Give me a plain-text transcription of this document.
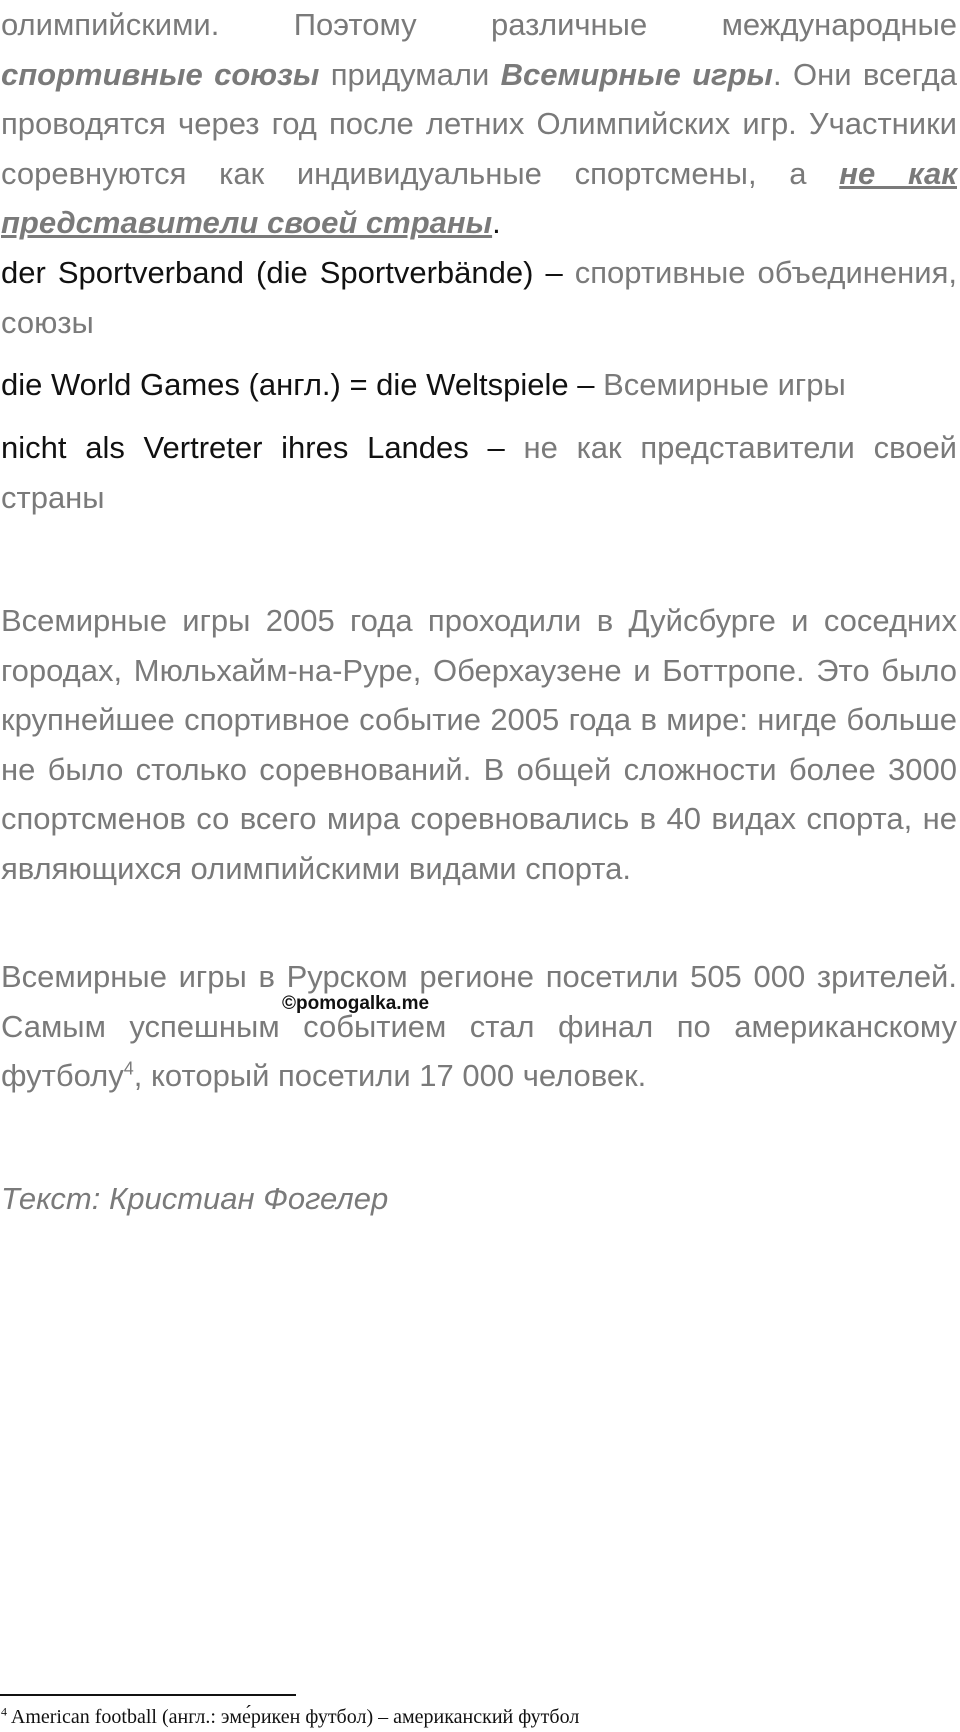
олимпийскими. Поэтому различные международные спортивные союзы придумали Всемирные игры. Они всегда проводятся через год после летних Олимпийских игр. Участники соревнуются как индивидуальные спортсмены, а не как представители своей страны.

der Sportverband (die Sportverbände) – спортивные объединения, союзы

die World Games (англ.) = die Weltspiele – Всемирные игры

nicht als Vertreter ihres Landes – не как представители своей страны

Всемирные игры 2005 года проходили в Дуйсбурге и соседних городах, Мюльхайм-на-Руре, Оберхаузене и Боттропе. Это было крупнейшее спортивное событие 2005 года в мире: нигде больше не было столько соревнований. В общей сложности более 3000 спортсменов со всего мира соревновались в 40 видах спорта, не являющихся олимпийскими видами спорта.

Всемирные игры в Рурском регионе посетили 505 000 зрителей. Самым успешным событием стал финал по американскому футболу$^4$, который посетили 17 000 человек.

©pomogalka.me

Текст: Кристиан Фогелер

$^4$ American football (англ.: эме́рикен футбол) – американский футбол
